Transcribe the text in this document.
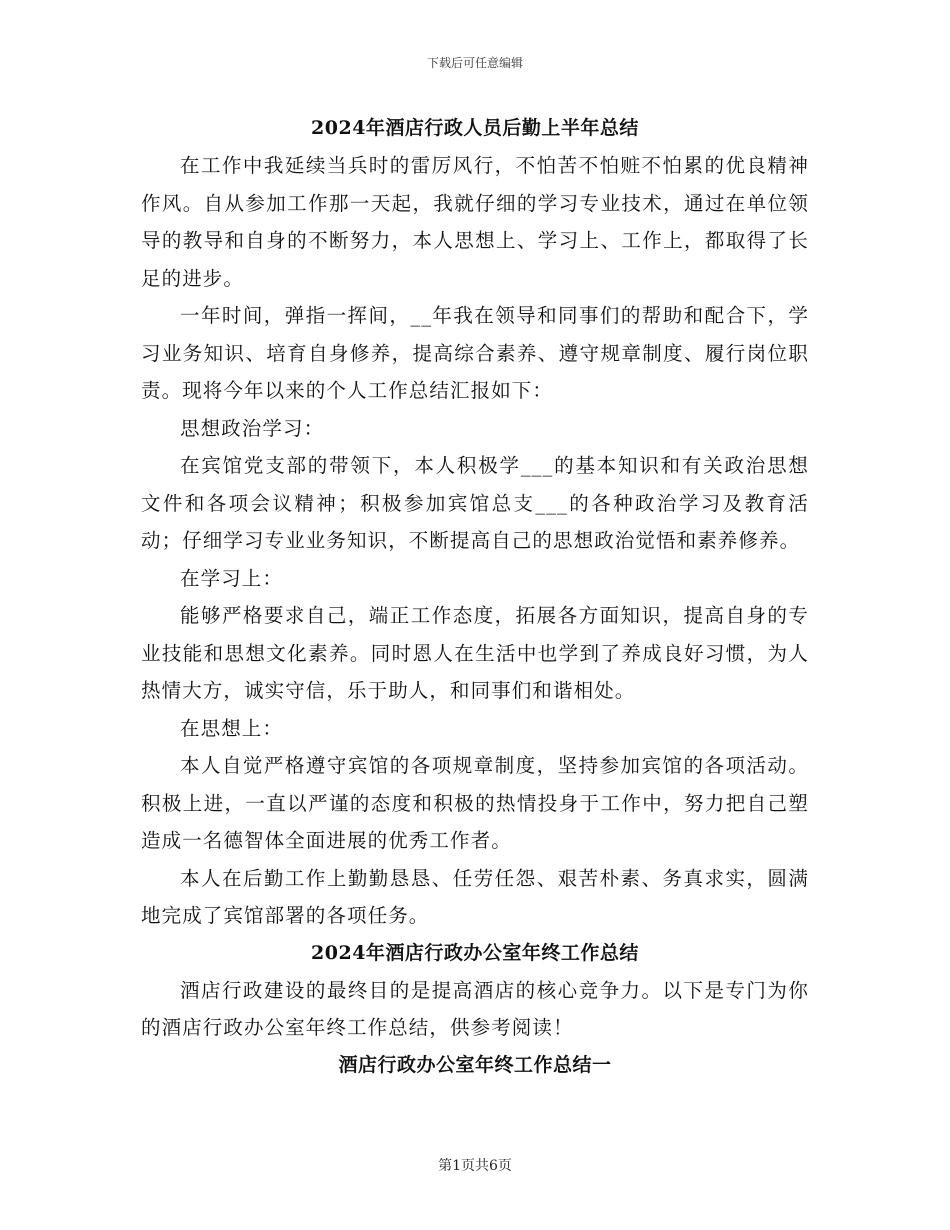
下载后可任意编辑
2024年酒店行政人员后勤上半年总结

在工作中我延续当兵时的雷厉风行，不怕苦不怕赃不怕累的优良精神作风。自从参加工作那一天起，我就仔细的学习专业技术，通过在单位领导的教导和自身的不断努力，本人思想上、学习上、工作上，都取得了长足的进步。

一年时间，弹指一挥间，__年我在领导和同事们的帮助和配合下，学习业务知识、培育自身修养，提高综合素养、遵守规章制度、履行岗位职责。现将今年以来的个人工作总结汇报如下：

思想政治学习：

在宾馆党支部的带领下，本人积极学___的基本知识和有关政治思想文件和各项会议精神；积极参加宾馆总支___的各种政治学习及教育活动；仔细学习专业业务知识，不断提高自己的思想政治觉悟和素养修养。

在学习上：

能够严格要求自己，端正工作态度，拓展各方面知识，提高自身的专业技能和思想文化素养。同时恩人在生活中也学到了养成良好习惯，为人热情大方，诚实守信，乐于助人，和同事们和谐相处。

在思想上：

本人自觉严格遵守宾馆的各项规章制度，坚持参加宾馆的各项活动。积极上进，一直以严谨的态度和积极的热情投身于工作中，努力把自己塑造成一名德智体全面进展的优秀工作者。

本人在后勤工作上勤勤恳恳、任劳任怨、艰苦朴素、务真求实，圆满地完成了宾馆部署的各项任务。

2024年酒店行政办公室年终工作总结

酒店行政建设的最终目的是提高酒店的核心竞争力。以下是专门为你的酒店行政办公室年终工作总结，供参考阅读！

酒店行政办公室年终工作总结一
第1页共6页
